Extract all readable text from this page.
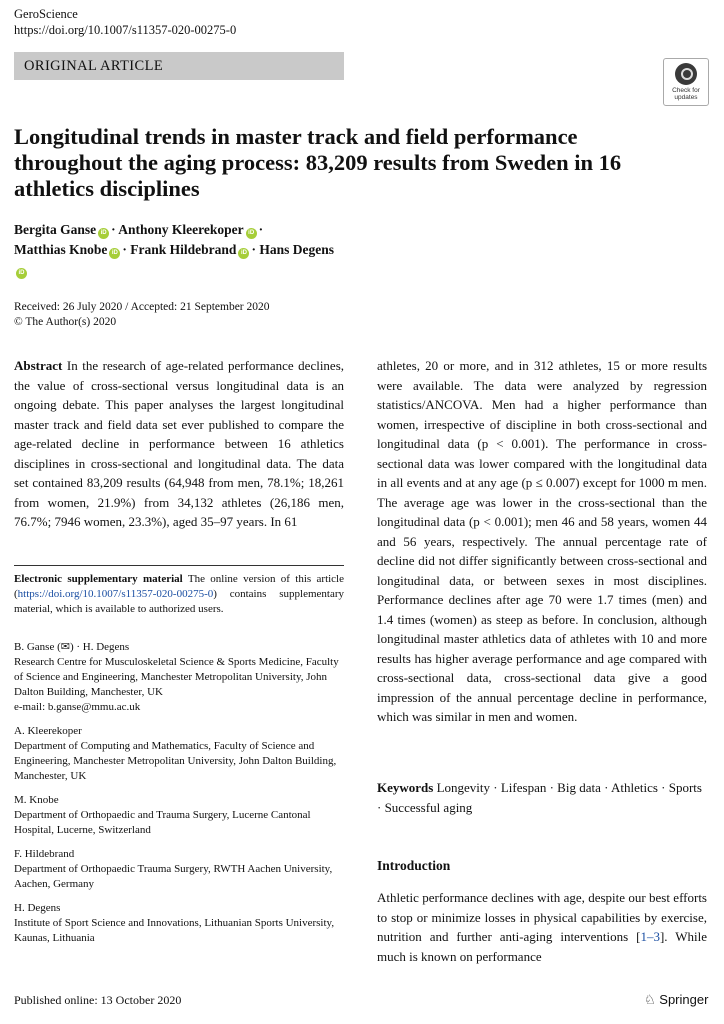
GeroScience
https://doi.org/10.1007/s11357-020-00275-0
ORIGINAL ARTICLE
Check for updates
Longitudinal trends in master track and field performance throughout the aging process: 83,209 results from Sweden in 16 athletics disciplines
Bergita Ganse iD · Anthony Kleerekoper iD ·
Matthias Knobe iD · Frank Hildebrand iD · Hans DegensiD
Received: 26 July 2020 / Accepted: 21 September 2020
© The Author(s) 2020
Abstract In the research of age-related performance declines, the value of cross-sectional versus longitudinal data is an ongoing debate. This paper analyses the largest longitudinal master track and field data set ever published to compare the age-related decline in performance between 16 athletics disciplines in cross-sectional and longitudinal data. The data set contained 83,209 results (64,948 from men, 78.1%; 18,261 from women, 21.9%) from 34,132 athletes (26,186 men, 76.7%; 7946 women, 23.3%), aged 35–97 years. In 61
athletes, 20 or more, and in 312 athletes, 15 or more results were available. The data were analyzed by regression statistics/ANCOVA. Men had a higher performance than women, irrespective of discipline in both cross-sectional and longitudinal data (p < 0.001). The performance in cross-sectional data was lower compared with the longitudinal data in all events and at any age (p ≤ 0.007) except for 1000 m men. The average age was lower in the cross-sectional than the longitudinal data (p < 0.001); men 46 and 58 years, women 44 and 56 years, respectively. The annual percentage rate of decline did not differ significantly between cross-sectional and longitudinal data, or between sexes in most disciplines. Performance declines after age 70 were 1.7 times (men) and 1.4 times (women) as steep as before. In conclusion, although longitudinal master athletics data of athletes with 10 and more results has higher average performance and age compared with cross-sectional data, cross-sectional data give a good impression of the annual percentage decline in performance, which was similar in men and women.
Electronic supplementary material The online version of this article (https://doi.org/10.1007/s11357-020-00275-0) contains supplementary material, which is available to authorized users.
B. Ganse (✉) · H. Degens
Research Centre for Musculoskeletal Science & Sports Medicine, Faculty of Science and Engineering, Manchester Metropolitan University, John Dalton Building, Manchester, UK
e-mail: b.ganse@mmu.ac.uk
A. Kleerekoper
Department of Computing and Mathematics, Faculty of Science and Engineering, Manchester Metropolitan University, John Dalton Building, Manchester, UK
M. Knobe
Department of Orthopaedic and Trauma Surgery, Lucerne Cantonal Hospital, Lucerne, Switzerland
F. Hildebrand
Department of Orthopaedic Trauma Surgery, RWTH Aachen University, Aachen, Germany
H. Degens
Institute of Sport Science and Innovations, Lithuanian Sports University, Kaunas, Lithuania
Keywords Longevity · Lifespan · Big data · Athletics · Sports · Successful aging
Introduction
Athletic performance declines with age, despite our best efforts to stop or minimize losses in physical capabilities by exercise, nutrition and further anti-aging interventions [1–3]. While much is known on performance
Published online: 13 October 2020	♘ Springer
